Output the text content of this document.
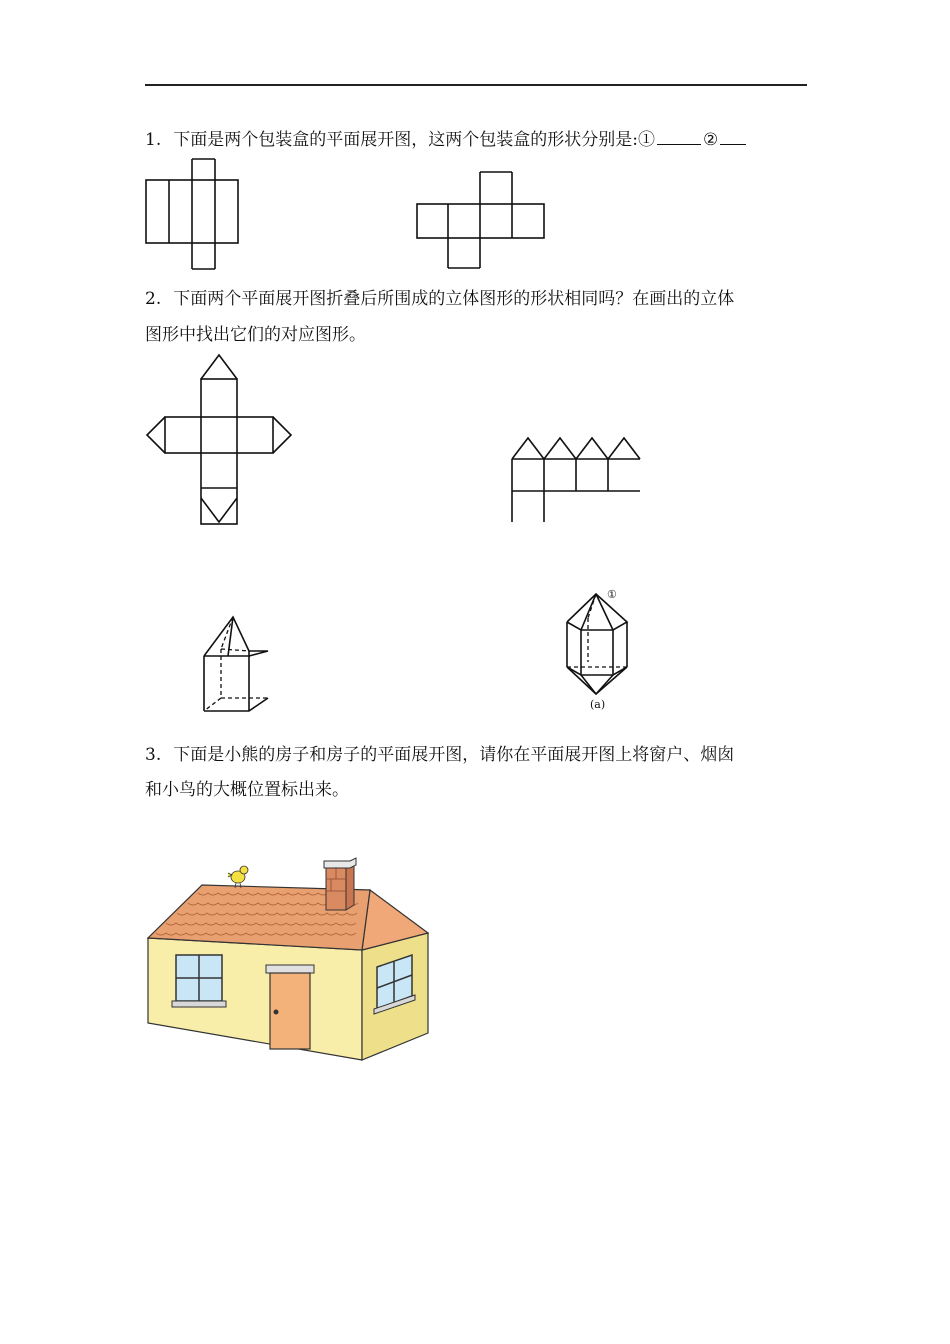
1. 下面是两个包装盒的平面展开图，这两个包装盒的形状分别是:①	②
2. 下面两个平面展开图折叠后所围成的立体图形的形状相同吗？在画出的立体
图形中找出它们的对应图形。
①
(a)
3. 下面是小熊的房子和房子的平面展开图，请你在平面展开图上将窗户、烟囱
和小鸟的大概位置标出来。
